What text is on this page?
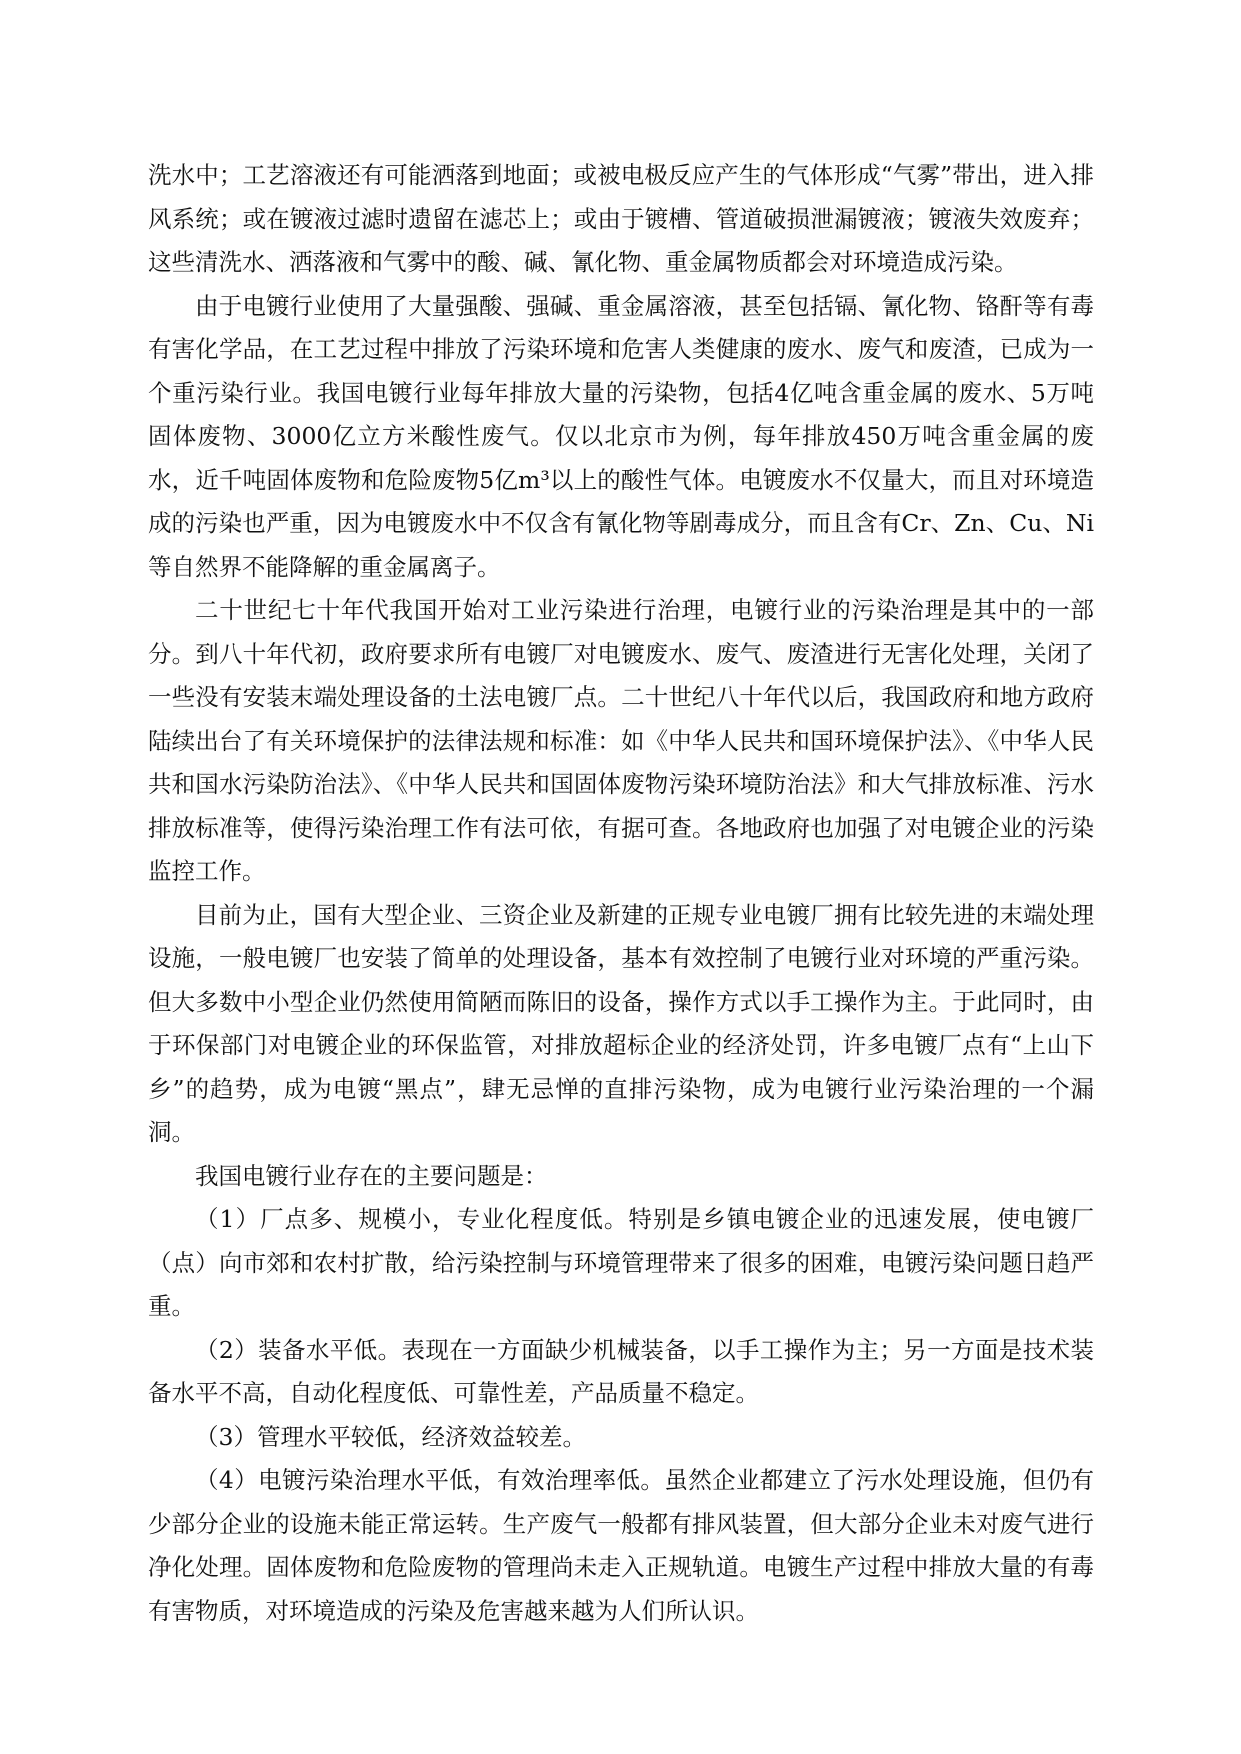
洗水中；工艺溶液还有可能洒落到地面；或被电极反应产生的气体形成“气雾”带出，进入排风系统；或在镀液过滤时遗留在滤芯上；或由于镀槽、管道破损泄漏镀液；镀液失效废弃；这些清洗水、洒落液和气雾中的酸、碱、氰化物、重金属物质都会对环境造成污染。

由于电镀行业使用了大量强酸、强碱、重金属溶液，甚至包括镉、氰化物、铬酐等有毒有害化学品，在工艺过程中排放了污染环境和危害人类健康的废水、废气和废渣，已成为一个重污染行业。我国电镀行业每年排放大量的污染物，包括4亿吨含重金属的废水、5万吨固体废物、3000亿立方米酸性废气。仅以北京市为例，每年排放450万吨含重金属的废水，近千吨固体废物和危险废物5亿m³以上的酸性气体。电镀废水不仅量大，而且对环境造成的污染也严重，因为电镀废水中不仅含有氰化物等剧毒成分，而且含有Cr、Zn、Cu、Ni等自然界不能降解的重金属离子。

二十世纪七十年代我国开始对工业污染进行治理，电镀行业的污染治理是其中的一部分。到八十年代初，政府要求所有电镀厂对电镀废水、废气、废渣进行无害化处理，关闭了一些没有安装末端处理设备的土法电镀厂点。二十世纪八十年代以后，我国政府和地方政府陆续出台了有关环境保护的法律法规和标准：如《中华人民共和国环境保护法》、《中华人民共和国水污染防治法》、《中华人民共和国固体废物污染环境防治法》和大气排放标准、污水排放标准等，使得污染治理工作有法可依，有据可查。各地政府也加强了对电镀企业的污染监控工作。

目前为止，国有大型企业、三资企业及新建的正规专业电镀厂拥有比较先进的末端处理设施，一般电镀厂也安装了简单的处理设备，基本有效控制了电镀行业对环境的严重污染。但大多数中小型企业仍然使用简陋而陈旧的设备，操作方式以手工操作为主。于此同时，由于环保部门对电镀企业的环保监管，对排放超标企业的经济处罚，许多电镀厂点有“上山下乡”的趋势，成为电镀“黑点”，肆无忌惮的直排污染物，成为电镀行业污染治理的一个漏洞。

我国电镀行业存在的主要问题是：

（1）厂点多、规模小，专业化程度低。特别是乡镇电镀企业的迅速发展，使电镀厂（点）向市郊和农村扩散，给污染控制与环境管理带来了很多的困难，电镀污染问题日趋严重。

（2）装备水平低。表现在一方面缺少机械装备，以手工操作为主；另一方面是技术装备水平不高，自动化程度低、可靠性差，产品质量不稳定。

（3）管理水平较低，经济效益较差。

（4）电镀污染治理水平低，有效治理率低。虽然企业都建立了污水处理设施，但仍有少部分企业的设施未能正常运转。生产废气一般都有排风装置，但大部分企业未对废气进行净化处理。固体废物和危险废物的管理尚未走入正规轨道。电镀生产过程中排放大量的有毒有害物质，对环境造成的污染及危害越来越为人们所认识。
